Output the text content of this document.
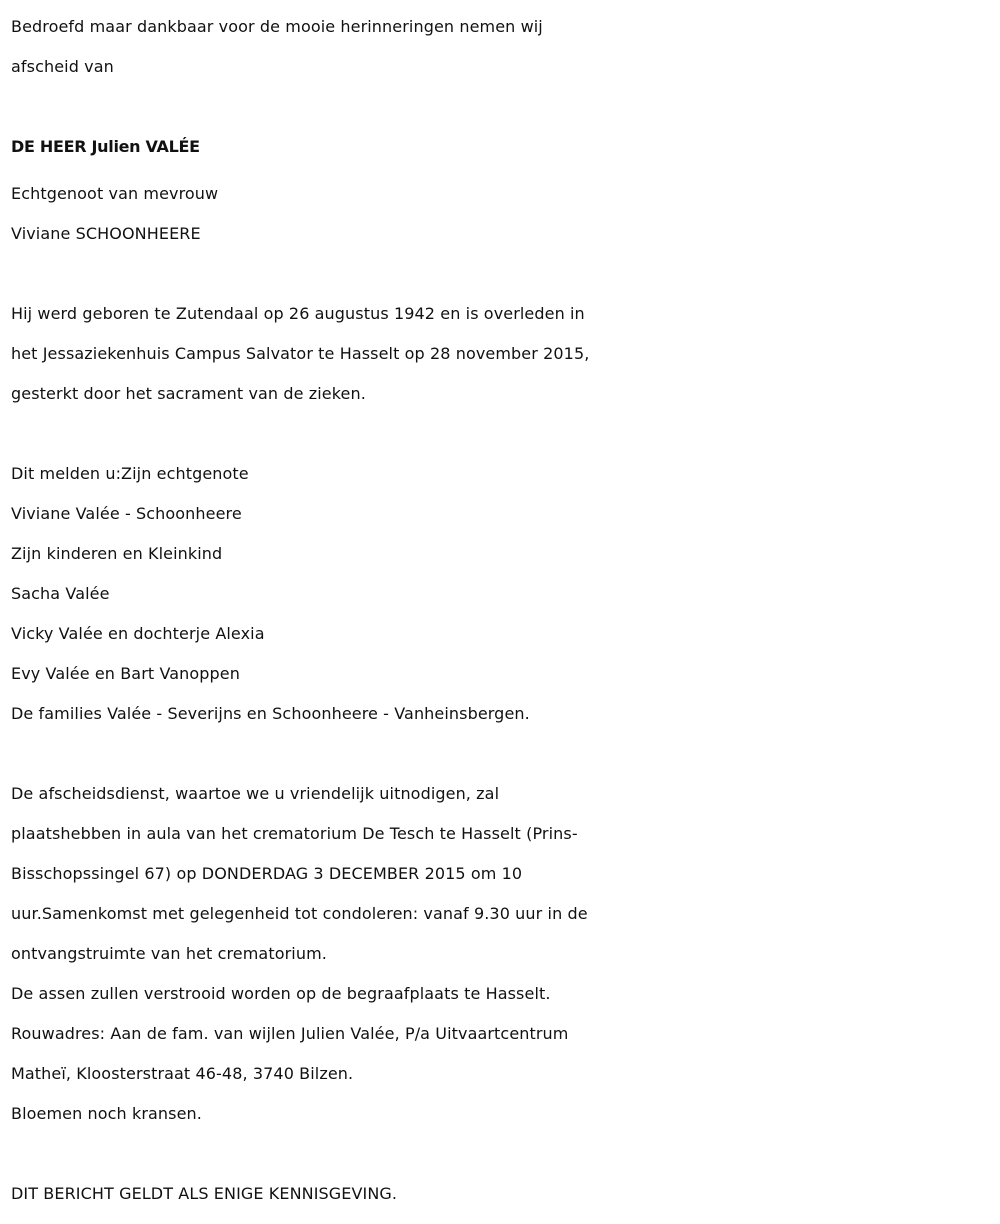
Bedroefd maar dankbaar voor de mooie herinneringen nemen wij
afscheid van
DE HEER Julien VALÉE
Echtgenoot van mevrouw
Viviane SCHOONHEERE
Hij werd geboren te Zutendaal op 26 augustus 1942 en is overleden in
het Jessaziekenhuis Campus Salvator te Hasselt op 28 november 2015,
gesterkt door het sacrament van de zieken.
Dit melden u:Zijn echtgenote
Viviane Valée - Schoonheere
Zijn kinderen en Kleinkind
Sacha Valée
Vicky Valée en dochterje Alexia
Evy Valée en Bart Vanoppen
De families Valée - Severijns en Schoonheere - Vanheinsbergen.
De afscheidsdienst, waartoe we u vriendelijk uitnodigen, zal
plaatshebben in aula van het crematorium De Tesch te Hasselt (Prins-
Bisschopssingel 67) op DONDERDAG 3 DECEMBER 2015 om 10
uur.Samenkomst met gelegenheid tot condoleren: vanaf 9.30 uur in de
ontvangstruimte van het crematorium.
De assen zullen verstrooid worden op de begraafplaats te Hasselt.
Rouwadres: Aan de fam. van wijlen Julien Valée, P/a Uitvaartcentrum
Matheï, Kloosterstraat 46-48, 3740 Bilzen.
Bloemen noch kransen.
DIT BERICHT GELDT ALS ENIGE KENNISGEVING.
